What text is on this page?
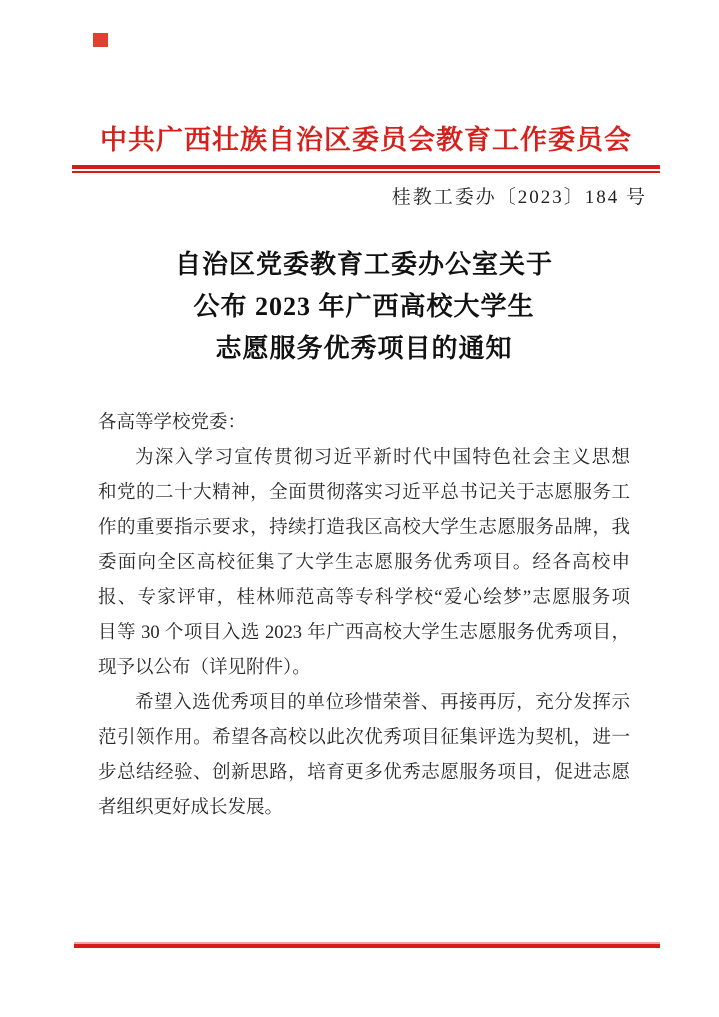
中共广西壮族自治区委员会教育工作委员会
桂教工委办〔2023〕184 号
自治区党委教育工委办公室关于
公布 2023 年广西高校大学生
志愿服务优秀项目的通知
各高等学校党委：
为深入学习宣传贯彻习近平新时代中国特色社会主义思想
和党的二十大精神，全面贯彻落实习近平总书记关于志愿服务工
作的重要指示要求，持续打造我区高校大学生志愿服务品牌，我
委面向全区高校征集了大学生志愿服务优秀项目。经各高校申
报、专家评审，桂林师范高等专科学校“爱心绘梦”志愿服务项
目等 30 个项目入选 2023 年广西高校大学生志愿服务优秀项目，
现予以公布（详见附件）。
希望入选优秀项目的单位珍惜荣誉、再接再厉，充分发挥示
范引领作用。希望各高校以此次优秀项目征集评选为契机，进一
步总结经验、创新思路，培育更多优秀志愿服务项目，促进志愿
者组织更好成长发展。
